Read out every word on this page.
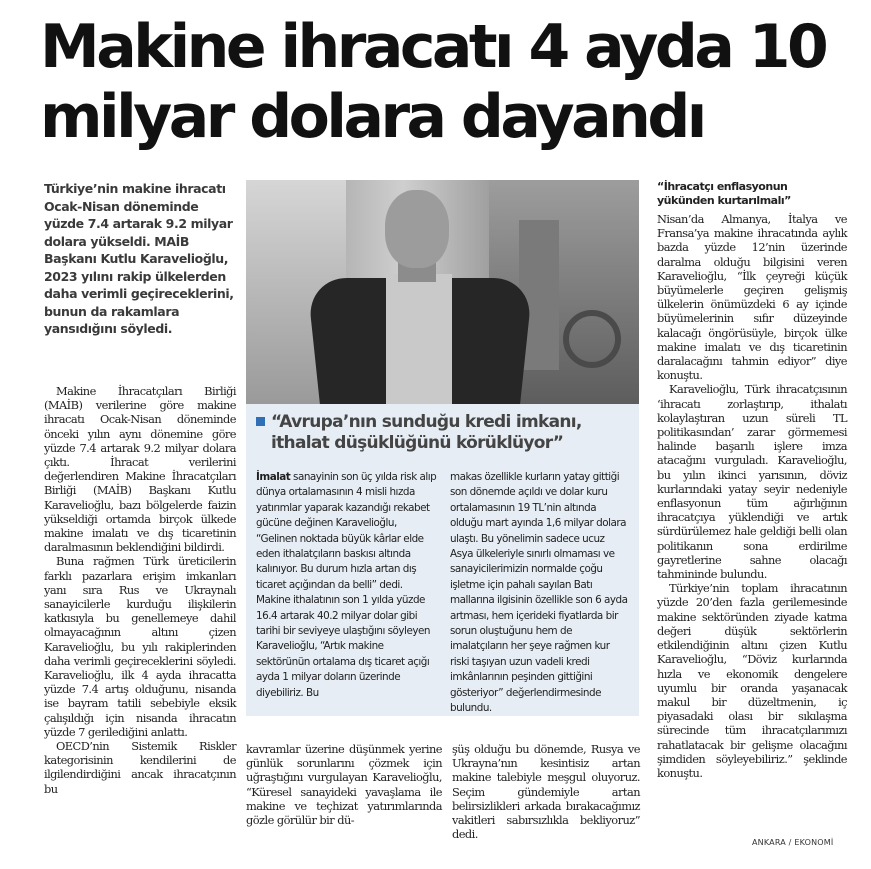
Makine ihracatı 4 ayda 10 milyar dolara dayandı

Türkiye’nin makine ihracatı Ocak-Nisan döneminde yüzde 7.4 artarak 9.2 milyar dolara yükseldi. MAİB Başkanı Kutlu Karavelioğlu, 2023 yılını rakip ülkelerden daha verimli geçireceklerini, bunun da rakamlara yansıdığını söyledi.

Makine İhracatçıları Birliği (MAİB) verilerine göre makine ihracatı Ocak-Nisan döneminde önceki yılın aynı dönemine göre yüzde 7.4 artarak 9.2 milyar dolara çıktı. İhracat verilerini değerlendiren Makine İhracatçıları Birliği (MAİB) Başkanı Kutlu Karavelioğlu, bazı bölgelerde faizin yükseldiği ortamda birçok ülkede makine imalatı ve dış ticaretinin daralmasının beklendiğini bildirdi.

Buna rağmen Türk üreticilerin farklı pazarlara erişim imkanları yanı sıra Rus ve Ukraynalı sanayicilerle kurduğu ilişkilerin katkısıyla bu genellemeye dahil olmayacağının altını çizen Karavelioğlu, bu yılı rakiplerinden daha verimli geçireceklerini söyledi. Karavelioğlu, ilk 4 ayda ihracatta yüzde 7.4 artış olduğunu, nisanda ise bayram tatili sebebiyle eksik çalışıldığı için nisanda ihracatın yüzde 7 gerilediğini anlattı.

OECD’nin Sistemik Riskler kategorisinin kendilerini de ilgilendirdiğini ancak ihracatçının bu

“Avrupa’nın sunduğu kredi imkanı, ithalat düşüklüğünü körüklüyor”

İmalat sanayinin son üç yılda risk alıp dünya ortalamasının 4 misli hızda yatırımlar yaparak kazandığı rekabet gücüne değinen Karavelioğlu, “Gelinen noktada büyük kârlar elde eden ithalatçıların baskısı altında kalınıyor. Bu durum hızla artan dış ticaret açığından da belli” dedi.

Makine ithalatının son 1 yılda yüzde 16.4 artarak 40.2 milyar dolar gibi tarihi bir seviyeye ulaştığını söyleyen Karavelioğlu, “Artık makine sektörünün ortalama dış ticaret açığı ayda 1 milyar doların üzerinde diyebiliriz. Bu

makas özellikle kurların yatay gittiği son dönemde açıldı ve dolar kuru ortalamasının 19 TL’nin altında olduğu mart ayında 1,6 milyar dolara ulaştı. Bu yönelimin sadece ucuz Asya ülkeleriyle sınırlı olmaması ve sanayicilerimizin normalde çoğu işletme için pahalı sayılan Batı mallarına ilgisinin özellikle son 6 ayda artması, hem içerideki fiyatlarda bir sorun oluştuğunu hem de imalatçıların her şeye rağmen kur riski taşıyan uzun vadeli kredi imkânlarının peşinden gittiğini gösteriyor” değerlendirmesinde bulundu.

kavramlar üzerine düşünmek yerine günlük sorunlarını çözmek için uğraştığını vurgulayan Karavelioğlu, “Küresel sanayideki yavaşlama ile makine ve teçhizat yatırımlarında gözle görülür bir dü-

şüş olduğu bu dönemde, Rusya ve Ukrayna’nın kesintisiz artan makine talebiyle meşgul oluyoruz. Seçim gündemiyle artan belirsizlikleri arkada bırakacağımız vakitleri sabırsızlıkla bekliyoruz” dedi.

“İhracatçı enflasyonun yükünden kurtarılmalı”

Nisan’da Almanya, İtalya ve Fransa’ya makine ihracatında aylık bazda yüzde 12’nin üzerinde daralma olduğu bilgisini veren Karavelioğlu, “İlk çeyreği küçük büyümelerle geçiren gelişmiş ülkelerin önümüzdeki 6 ay içinde büyümelerinin sıfır düzeyinde kalacağı öngörüsüyle, birçok ülke makine imalatı ve dış ticaretinin daralacağını tahmin ediyor” diye konuştu.

Karavelioğlu, Türk ihracatçısının ‘ihracatı zorlaştırıp, ithalatı kolaylaştıran uzun süreli TL politikasından’ zarar görmemesi halinde başarılı işlere imza atacağını vurguladı. Karavelioğlu, bu yılın ikinci yarısının, döviz kurlarındaki yatay seyir nedeniyle enflasyonun tüm ağırlığının ihracatçıya yüklendiği ve artık sürdürülemez hale geldiği belli olan politikanın sona erdirilme gayretlerine sahne olacağı tahmininde bulundu.

Türkiye’nin toplam ihracatının yüzde 20’den fazla gerilemesinde makine sektöründen ziyade katma değeri düşük sektörlerin etkilendiğinin altını çizen Kutlu Karavelioğlu, “Döviz kurlarında hızla ve ekonomik dengelere uyumlu bir oranda yaşanacak makul bir düzeltmenin, iç piyasadaki olası bir sıkılaşma sürecinde tüm ihracatçılarımızı rahatlatacak bir gelişme olacağını şimdiden söyleyebiliriz.” şeklinde konuştu.

ANKARA / EKONOMİ
